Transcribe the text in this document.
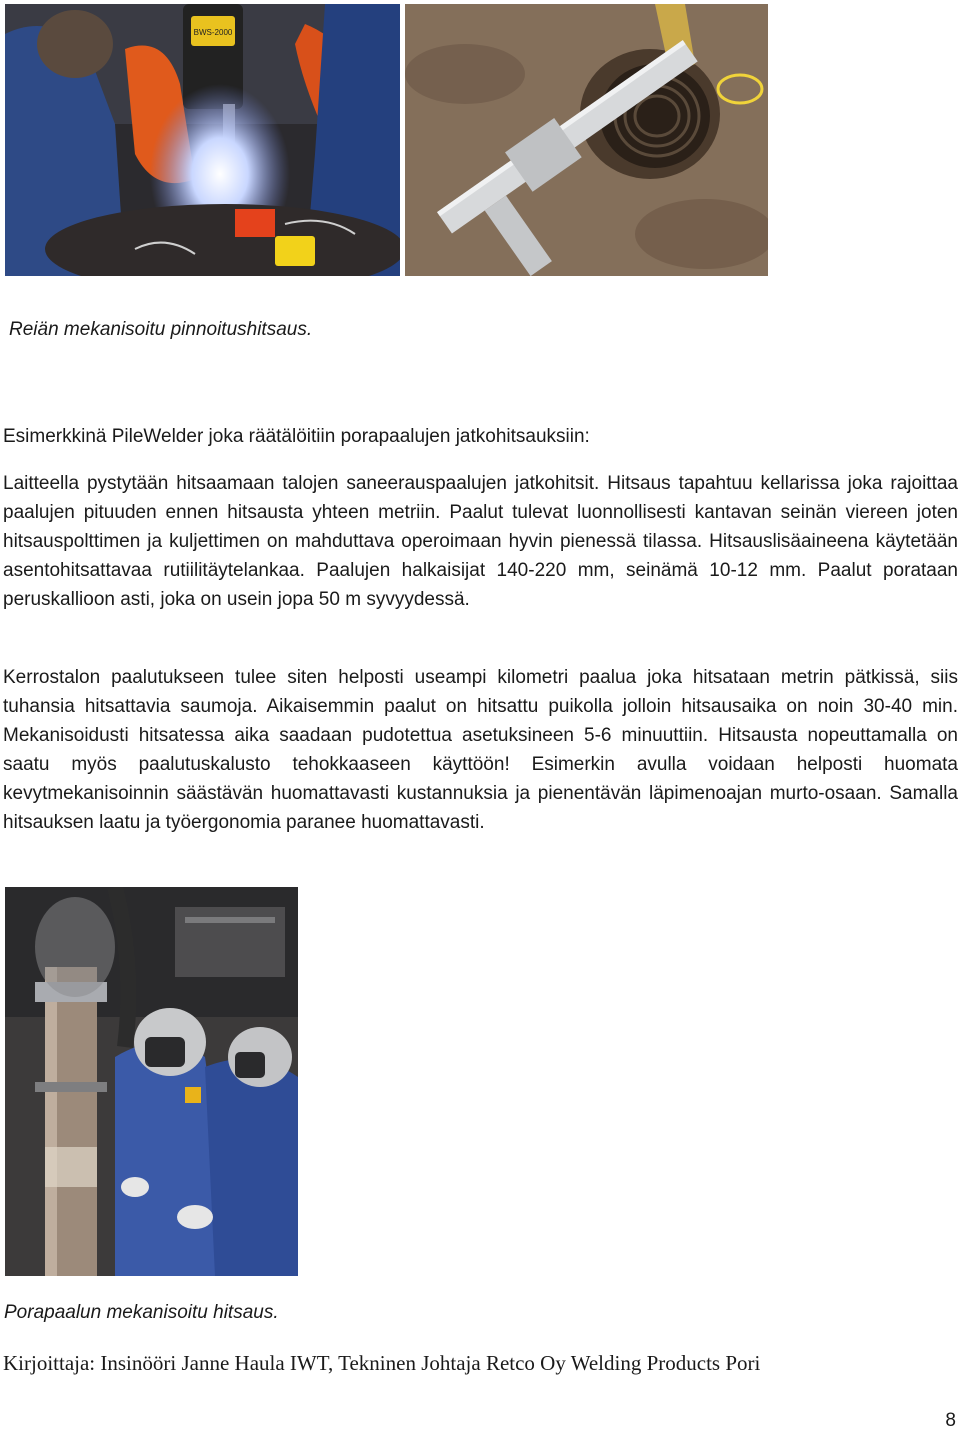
BWS-2000

Reiän mekanisoitu pinnoitushitsaus.

Esimerkkinä PileWelder joka räätälöitiin porapaalujen jatkohitsauksiin:

Laitteella pystytään hitsaamaan talojen saneerauspaalujen jatkohitsit. Hitsaus tapahtuu kellarissa joka rajoittaa paalujen pituuden ennen hitsausta yhteen metriin. Paalut tulevat luonnollisesti kantavan seinän viereen joten hitsauspolttimen ja kuljettimen on mahduttava operoimaan hyvin pienessä tilassa. Hitsauslisäaineena käytetään asentohitsattavaa rutiilitäytelankaa. Paalujen halkaisijat 140-220 mm, seinämä 10-12 mm. Paalut porataan peruskallioon asti, joka on usein jopa 50 m syvyydessä.

Kerrostalon paalutukseen tulee siten helposti useampi kilometri paalua joka hitsataan metrin pätkissä, siis tuhansia hitsattavia saumoja. Aikaisemmin paalut on hitsattu puikolla jolloin hitsausaika on noin 30-40 min. Mekanisoidusti hitsatessa aika saadaan pudotettua asetuksineen 5-6 minuuttiin. Hitsausta nopeuttamalla on saatu myös paalutuskalusto tehokkaaseen käyttöön! Esimerkin avulla voidaan helposti huomata kevytmekanisoinnin säästävän huomattavasti kustannuksia ja pienentävän läpimenoajan murto-osaan. Samalla hitsauksen laatu ja työergonomia paranee huomattavasti.

Porapaalun mekanisoitu hitsaus.

Kirjoittaja: Insinööri Janne Haula IWT, Tekninen Johtaja Retco Oy Welding Products Pori

8
